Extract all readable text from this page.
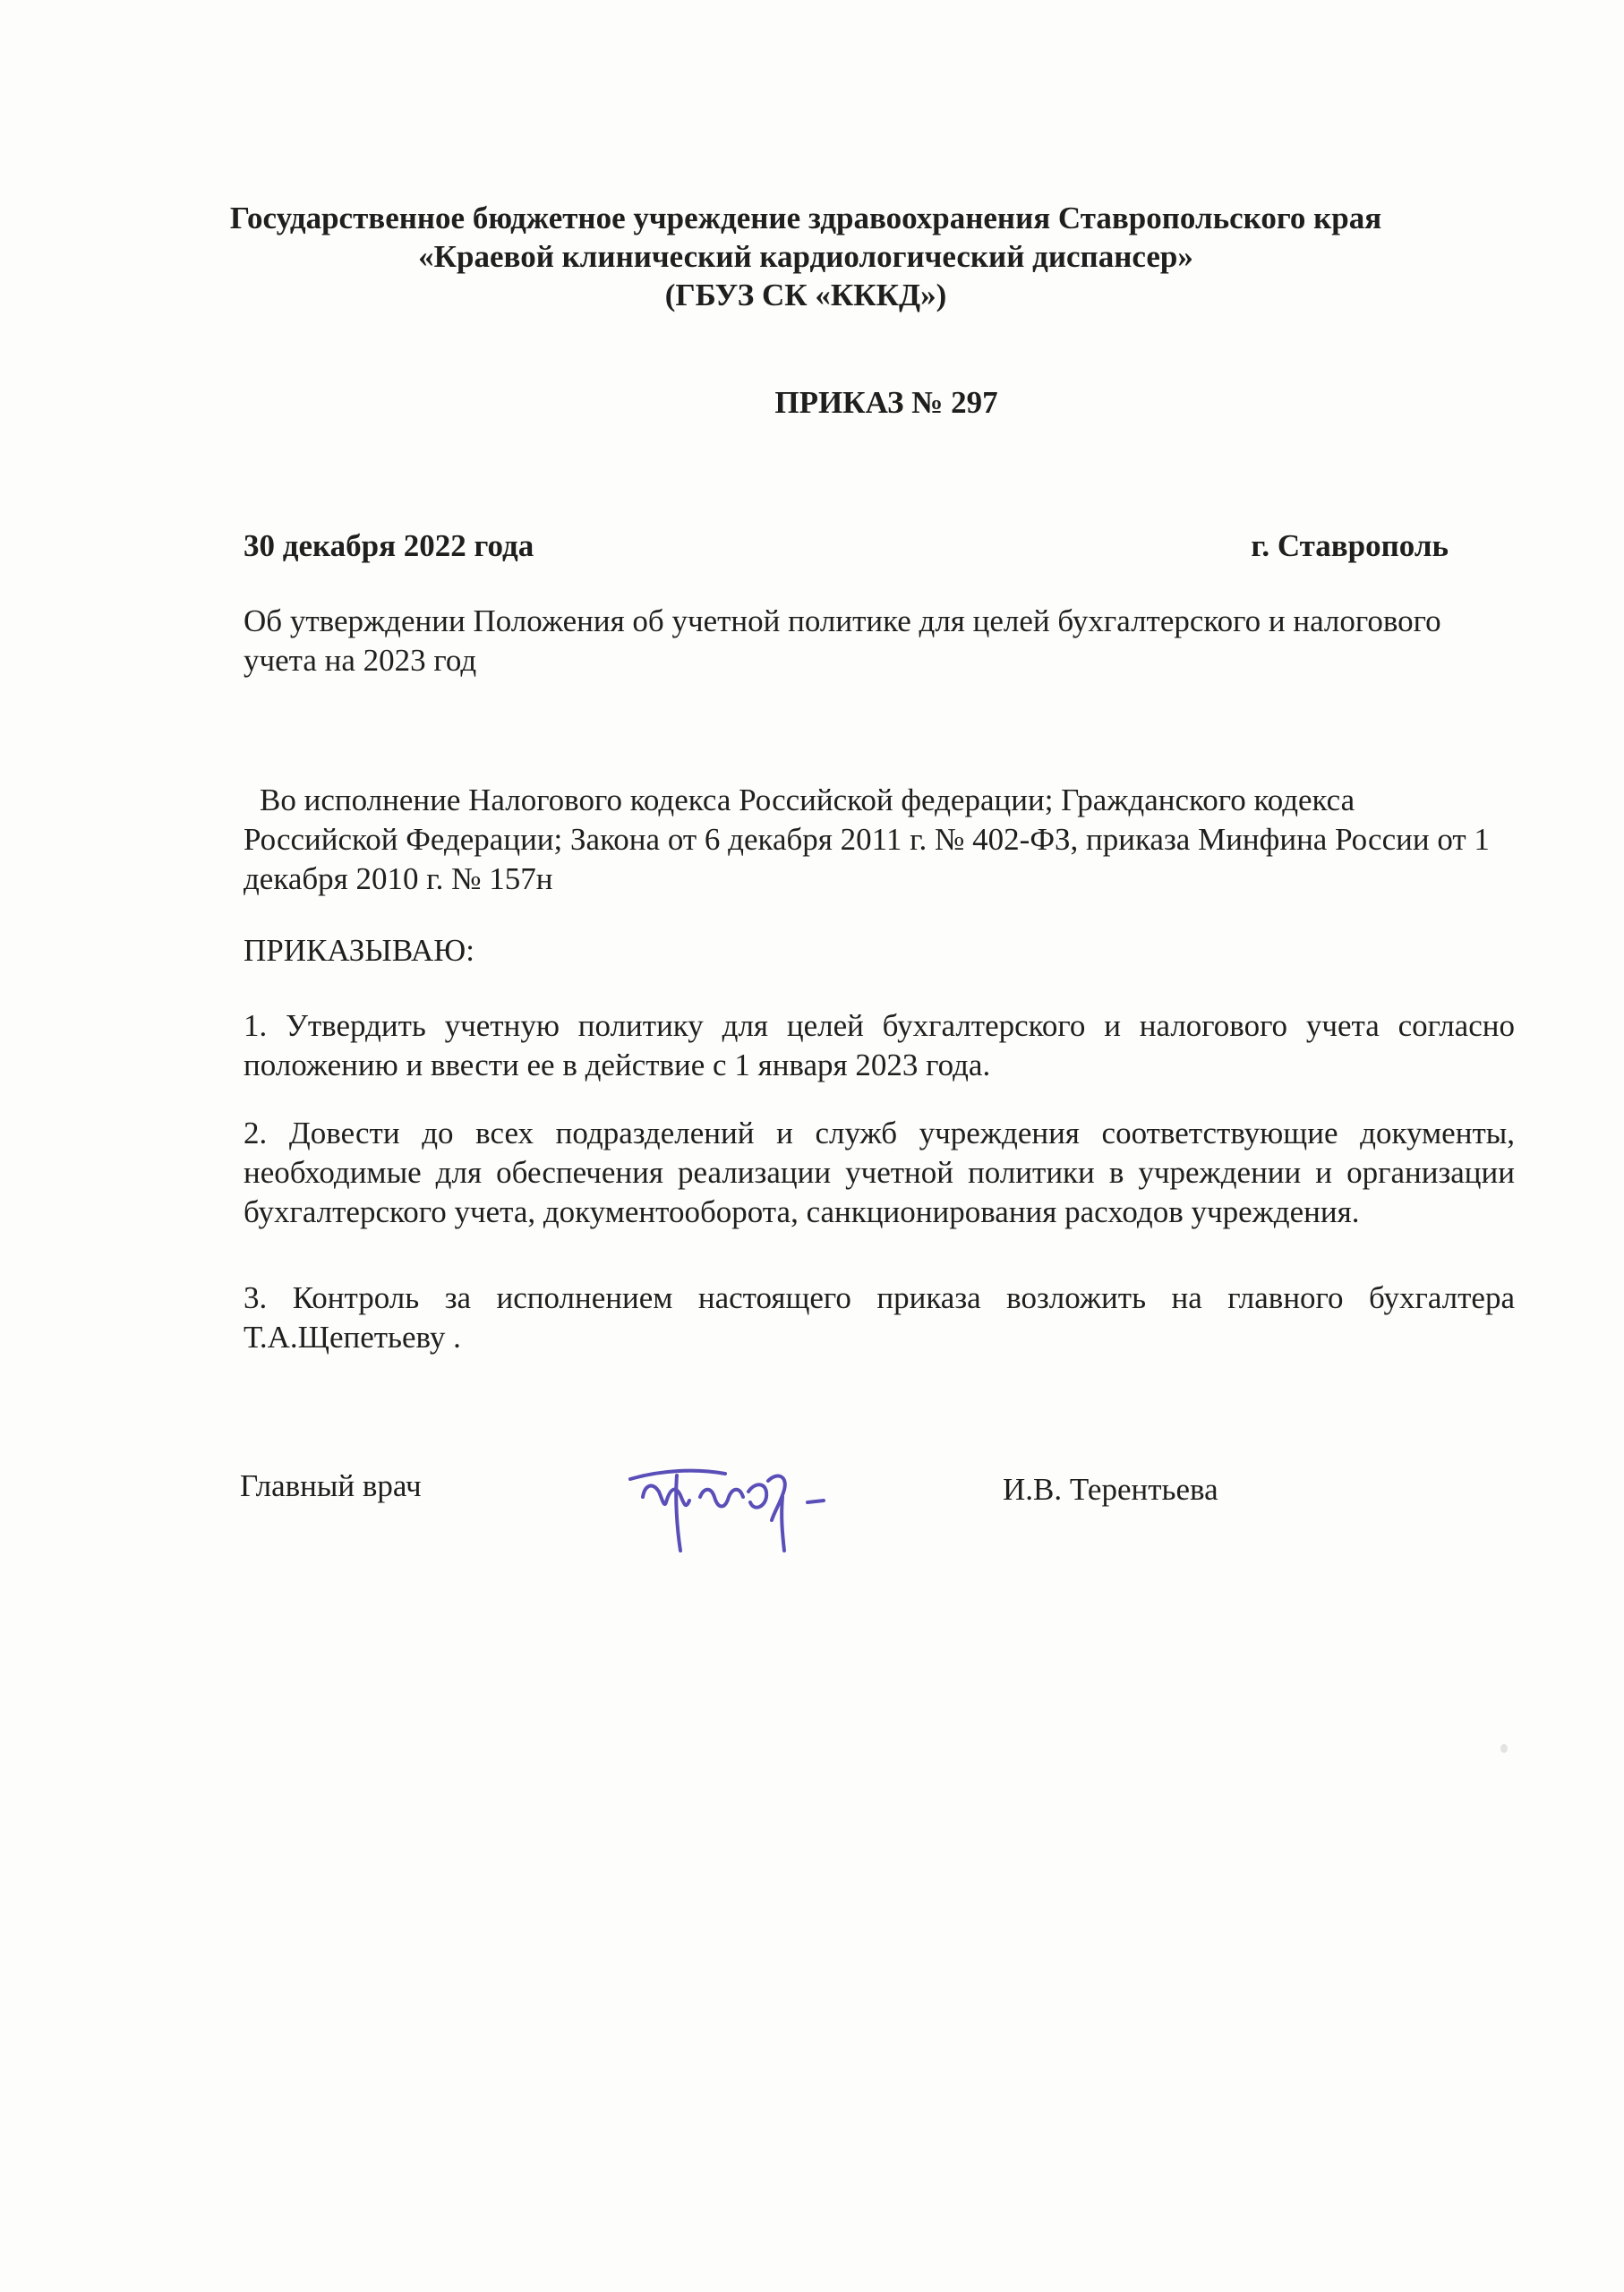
Государственное бюджетное учреждение здравоохранения Ставропольского края
«Краевой клинический кардиологический диспансер»
(ГБУЗ СК «КККД»)
ПРИКАЗ № 297
30 декабря 2022 года	г. Ставрополь
Об утверждении Положения об учетной политике для целей бухгалтерского и налогового учета на 2023 год
Во исполнение Налогового кодекса Российской федерации; Гражданского кодекса Российской Федерации; Закона от 6 декабря 2011 г. № 402-ФЗ, приказа Минфина России от 1 декабря 2010 г. № 157н
ПРИКАЗЫВАЮ:
1. Утвердить учетную политику для целей бухгалтерского и налогового учета согласно положению и ввести ее в действие с 1 января 2023 года.
2. Довести до всех подразделений и служб учреждения соответствующие документы, необходимые для обеспечения реализации учетной политики в учреждении и организации бухгалтерского учета, документооборота, санкционирования расходов учреждения.
3. Контроль за исполнением настоящего приказа возложить на главного бухгалтера Т.А.Щепетьеву .
Главный врач	И.В. Терентьева
